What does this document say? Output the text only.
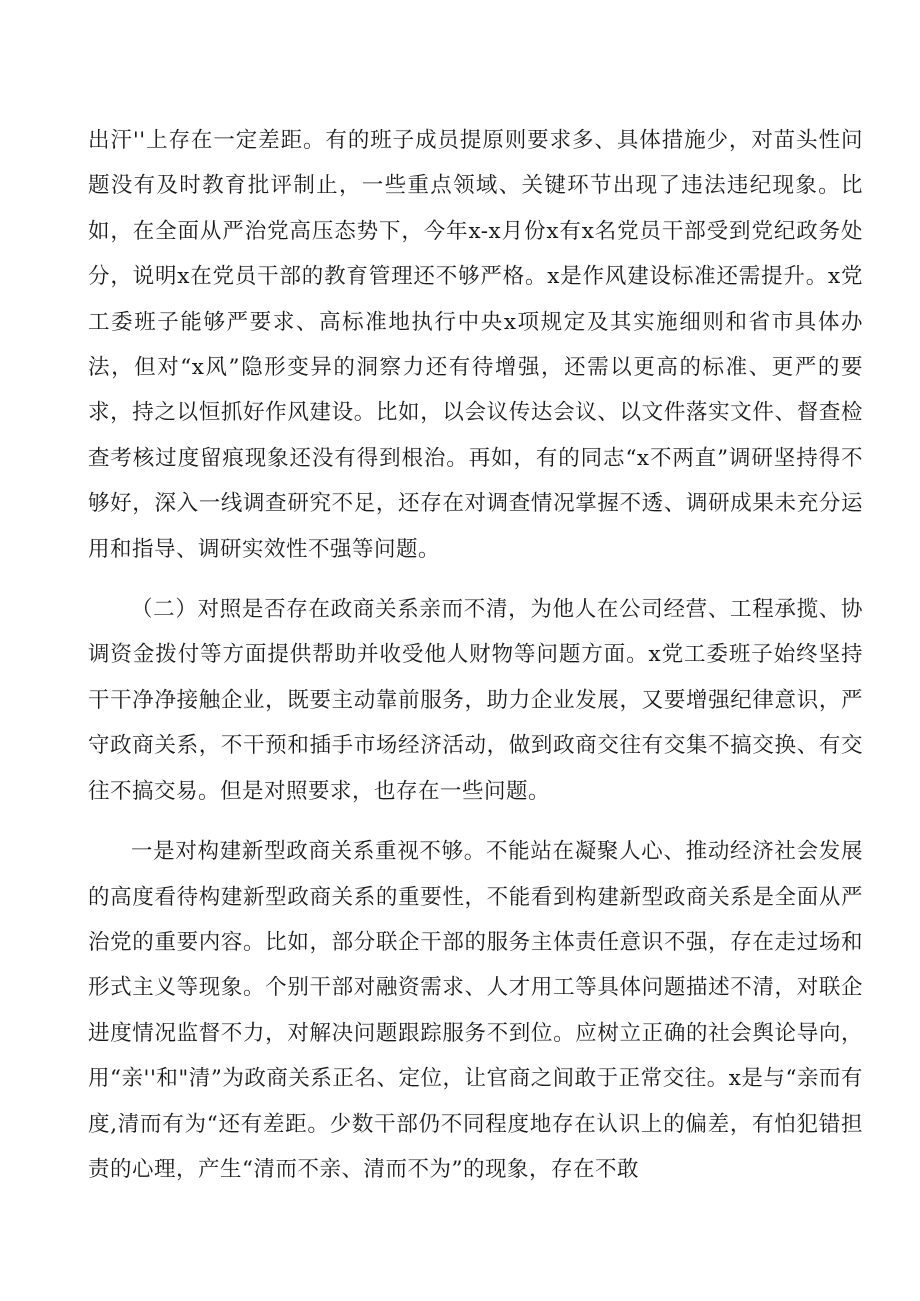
出汗''上存在一定差距。有的班子成员提原则要求多、具体措施少，对苗头性问题没有及时教育批评制止，一些重点领域、关键环节出现了违法违纪现象。比如，在全面从严治党高压态势下，今年x-x月份x有x名党员干部受到党纪政务处分，说明x在党员干部的教育管理还不够严格。x是作风建设标准还需提升。x党工委班子能够严要求、高标准地执行中央x项规定及其实施细则和省市具体办法，但对“x风”隐形变异的洞察力还有待增强，还需以更高的标准、更严的要求，持之以恒抓好作风建设。比如，以会议传达会议、以文件落实文件、督查检查考核过度留痕现象还没有得到根治。再如，有的同志“x不两直”调研坚持得不够好，深入一线调查研究不足，还存在对调查情况掌握不透、调研成果未充分运用和指导、调研实效性不强等问题。

（二）对照是否存在政商关系亲而不清，为他人在公司经营、工程承揽、协调资金拨付等方面提供帮助并收受他人财物等问题方面。x党工委班子始终坚持干干净净接触企业，既要主动靠前服务，助力企业发展，又要增强纪律意识，严守政商关系，不干预和插手市场经济活动，做到政商交往有交集不搞交换、有交往不搞交易。但是对照要求，也存在一些问题。

一是对构建新型政商关系重视不够。不能站在凝聚人心、推动经济社会发展的高度看待构建新型政商关系的重要性，不能看到构建新型政商关系是全面从严治党的重要内容。比如，部分联企干部的服务主体责任意识不强，存在走过场和形式主义等现象。个别干部对融资需求、人才用工等具体问题描述不清，对联企进度情况监督不力，对解决问题跟踪服务不到位。应树立正确的社会舆论导向，用“亲''和"清”为政商关系正名、定位，让官商之间敢于正常交往。x是与“亲而有度,清而有为“还有差距。少数干部仍不同程度地存在认识上的偏差，有怕犯错担责的心理，产生“清而不亲、清而不为”的现象，存在不敢
